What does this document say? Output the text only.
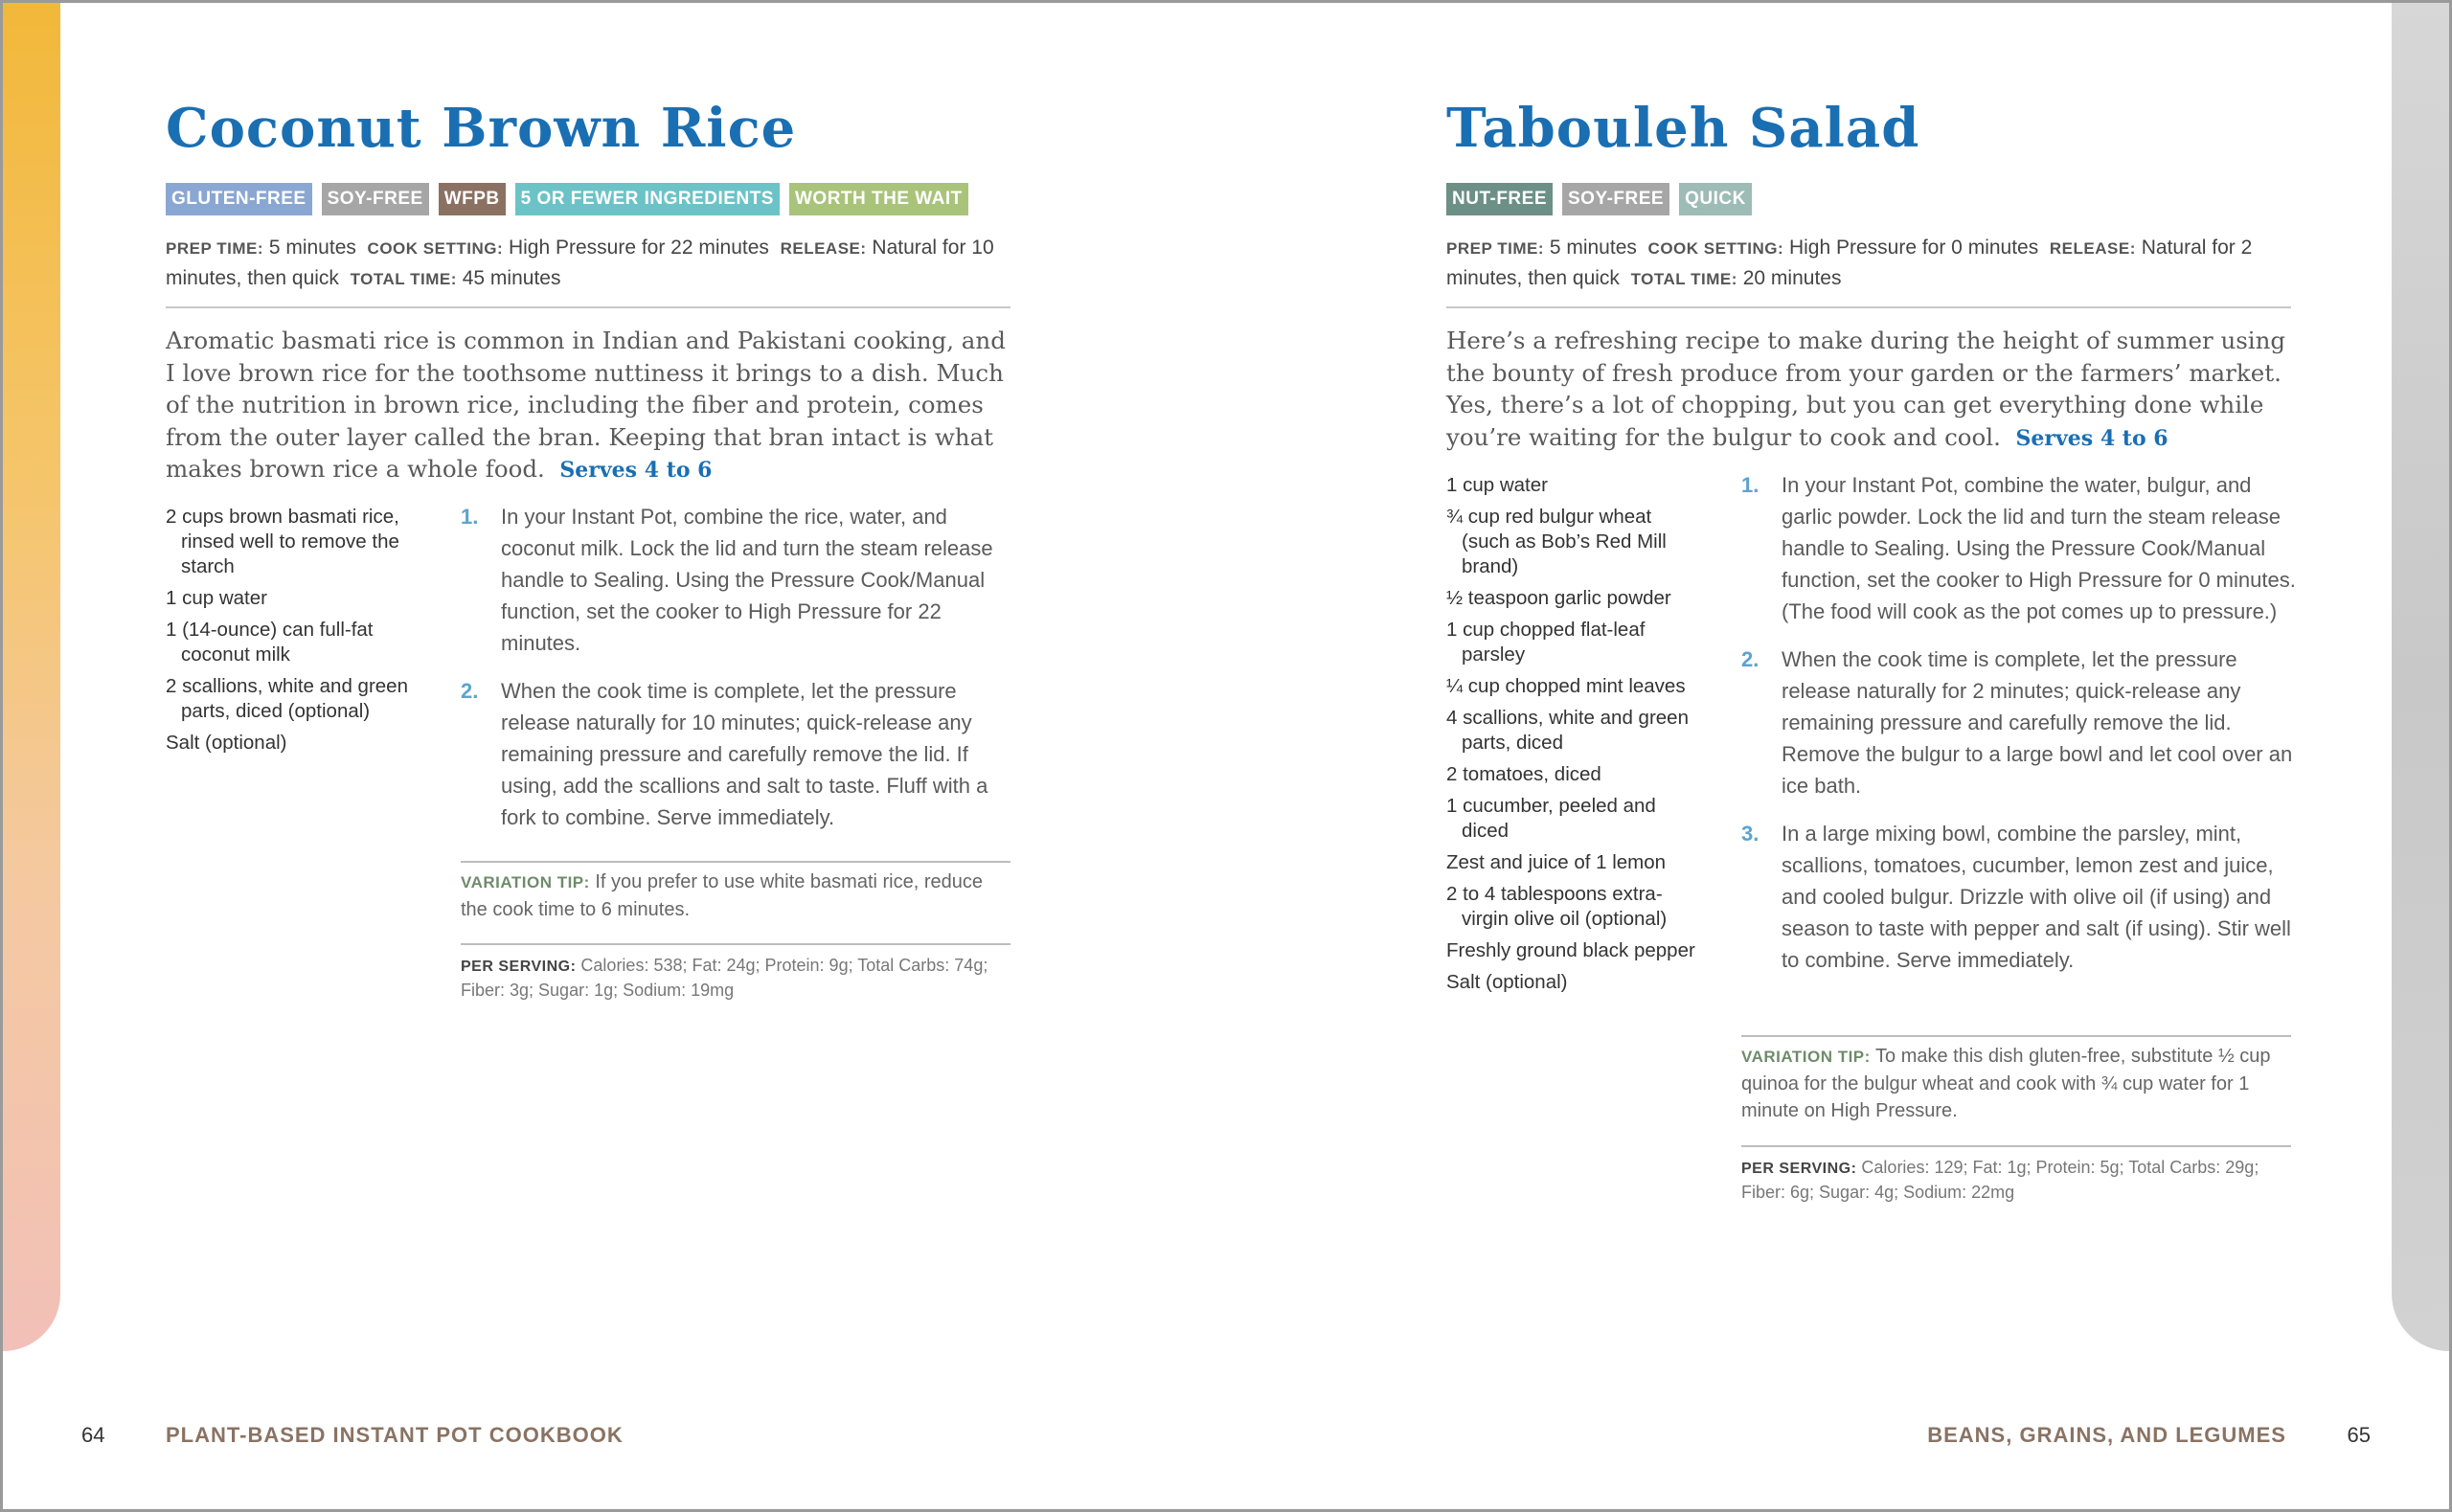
Coconut Brown Rice
GLUTEN-FREE	SOY-FREE	WFPB	5 OR FEWER INGREDIENTS	WORTH THE WAIT

PREP TIME: 5 minutes COOK SETTING: High Pressure for 22 minutes RELEASE: Natural for 10 minutes, then quick TOTAL TIME: 45 minutes

Aromatic basmati rice is common in Indian and Pakistani cooking, and I love brown rice for the toothsome nuttiness it brings to a dish. Much of the nutrition in brown rice, including the fiber and protein, comes from the outer layer called the bran. Keeping that bran intact is what makes brown rice a whole food. Serves 4 to 6

2 cups brown basmati rice, rinsed well to remove the starch
1 cup water
1 (14-ounce) can full-fat coconut milk
2 scallions, white and green parts, diced (optional)
Salt (optional)
1. In your Instant Pot, combine the rice, water, and coconut milk. Lock the lid and turn the steam release handle to Sealing. Using the Pressure Cook/Manual function, set the cooker to High Pressure for 22 minutes.
2. When the cook time is complete, let the pressure release naturally for 10 minutes; quick-release any remaining pressure and carefully remove the lid. If using, add the scallions and salt to taste. Fluff with a fork to combine. Serve immediately.

VARIATION TIP: If you prefer to use white basmati rice, reduce the cook time to 6 minutes.

PER SERVING: Calories: 538; Fat: 24g; Protein: 9g; Total Carbs: 74g; Fiber: 3g; Sugar: 1g; Sodium: 19mg

Tabouleh Salad
NUT-FREE	SOY-FREE	QUICK

PREP TIME: 5 minutes COOK SETTING: High Pressure for 0 minutes RELEASE: Natural for 2 minutes, then quick TOTAL TIME: 20 minutes

Here’s a refreshing recipe to make during the height of summer using the bounty of fresh produce from your garden or the farmers’ market. Yes, there’s a lot of chopping, but you can get everything done while you’re waiting for the bulgur to cook and cool. Serves 4 to 6

1 cup water
¾ cup red bulgur wheat (such as Bob’s Red Mill brand)
½ teaspoon garlic powder
1 cup chopped flat-leaf parsley
¼ cup chopped mint leaves
4 scallions, white and green parts, diced
2 tomatoes, diced
1 cucumber, peeled and diced
Zest and juice of 1 lemon
2 to 4 tablespoons extra-virgin olive oil (optional)
Freshly ground black pepper
Salt (optional)
1. In your Instant Pot, combine the water, bulgur, and garlic powder. Lock the lid and turn the steam release handle to Sealing. Using the Pressure Cook/Manual function, set the cooker to High Pressure for 0 minutes. (The food will cook as the pot comes up to pressure.)
2. When the cook time is complete, let the pressure release naturally for 2 minutes; quick-release any remaining pressure and carefully remove the lid. Remove the bulgur to a large bowl and let cool over an ice bath.
3. In a large mixing bowl, combine the parsley, mint, scallions, tomatoes, cucumber, lemon zest and juice, and cooled bulgur. Drizzle with olive oil (if using) and season to taste with pepper and salt (if using). Stir well to combine. Serve immediately.

VARIATION TIP: To make this dish gluten-free, substitute ½ cup quinoa for the bulgur wheat and cook with ¾ cup water for 1 minute on High Pressure.

PER SERVING: Calories: 129; Fat: 1g; Protein: 5g; Total Carbs: 29g; Fiber: 6g; Sugar: 4g; Sodium: 22mg

64	PLANT-BASED INSTANT POT COOKBOOK	BEANS, GRAINS, AND LEGUMES	65
